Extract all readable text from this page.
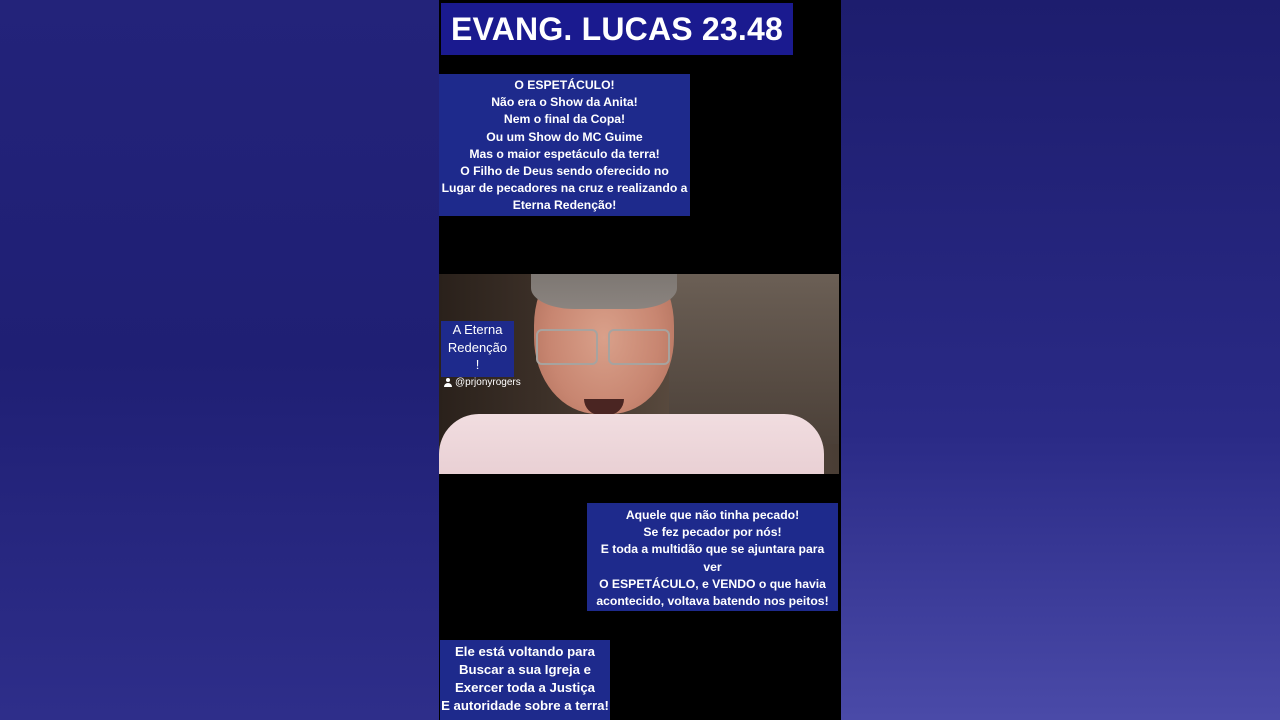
EVANG. LUCAS 23.48
O ESPETÁCULO!
Não era o Show da Anita!
Nem o final da Copa!
Ou um Show do MC Guime
Mas o maior espetáculo da terra!
O Filho de Deus sendo oferecido no
Lugar de pecadores na cruz e realizando a
Eterna Redenção!
A Eterna
Redenção
!
@prjonyrogers
Aquele que não tinha pecado!
Se fez pecador por nós!
E toda a multidão que se ajuntara para
ver
O ESPETÁCULO, e VENDO o que havia
acontecido, voltava batendo nos peitos!
Ele está voltando para
Buscar a sua Igreja e
Exercer toda a Justiça
E autoridade sobre a terra!
